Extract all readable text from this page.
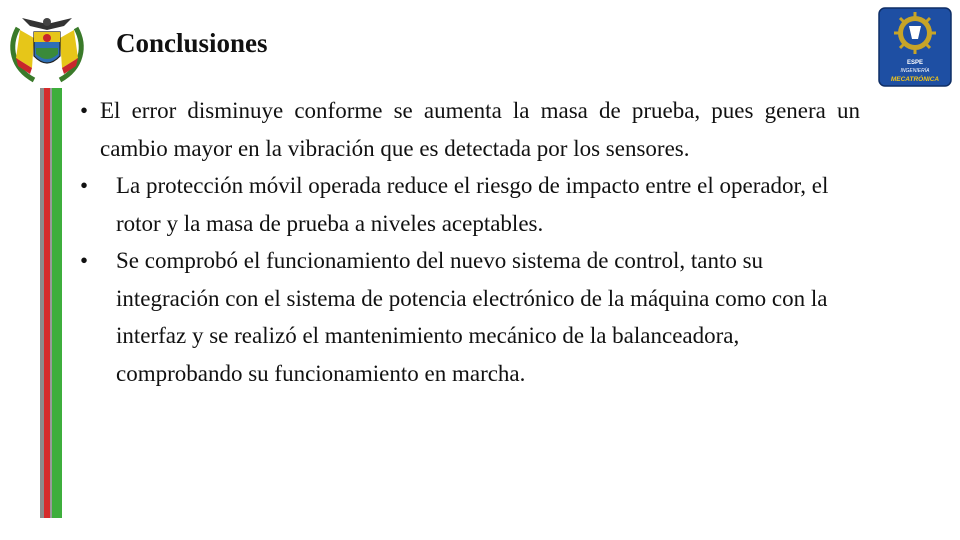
Conclusiones
ESPE
INGENIERÍA
MECATRÓNICA
• El error disminuye conforme se aumenta la masa de prueba, pues genera un cambio mayor en la vibración que es detectada por los sensores.
• La protección móvil operada reduce el riesgo de impacto entre el operador, el rotor y la masa de prueba a niveles aceptables.
• Se comprobó el funcionamiento del nuevo sistema de control, tanto su integración con el sistema de potencia electrónico de la máquina como con la interfaz y se realizó el mantenimiento mecánico de la balanceadora, comprobando su funcionamiento en marcha.
